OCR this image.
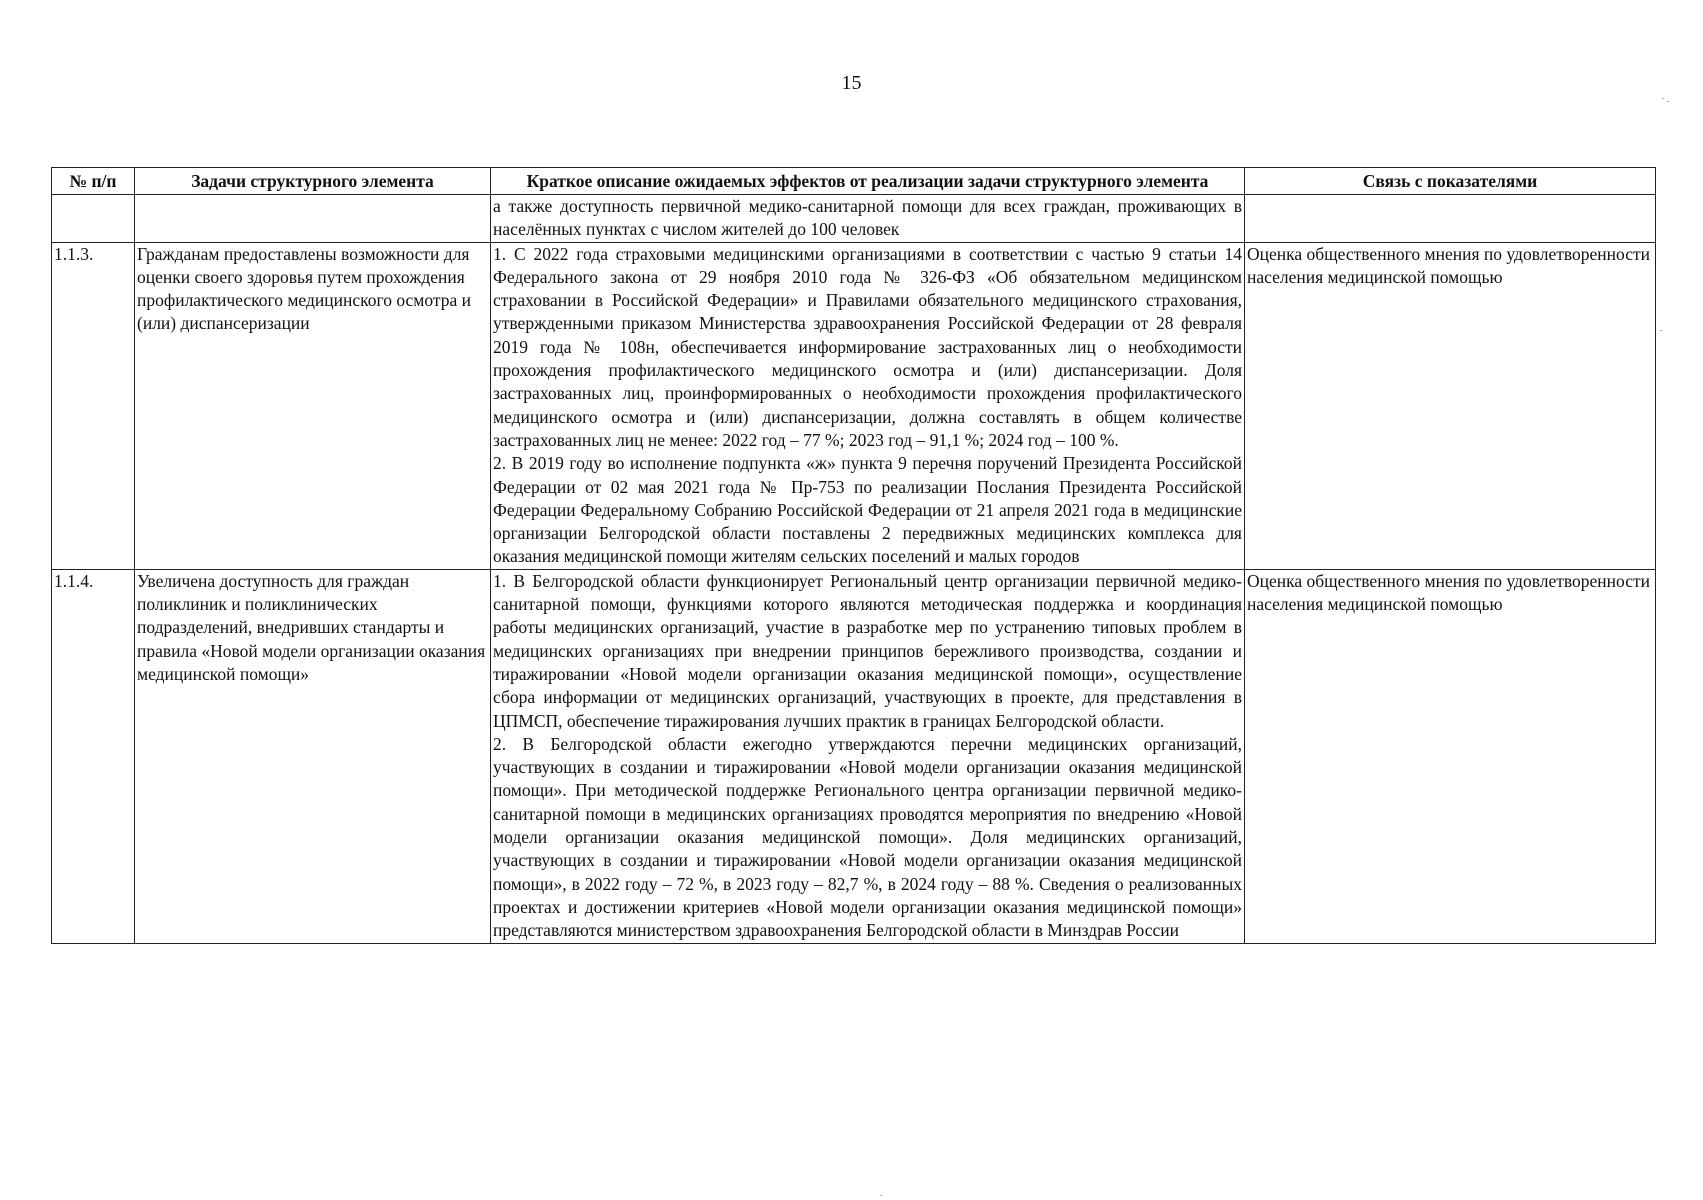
15
№ п/п	Задачи структурного элемента	Краткое описание ожидаемых эффектов от реализации задачи структурного элемента	Связь с показателями

		а также доступность первичной медико-санитарной помощи для всех граждан, проживающих в населённых пунктах с числом жителей до 100 человек	

1.1.3.	Гражданам предоставлены возможности для оценки своего здоровья путем прохождения профилактического медицинского осмотра и (или) диспансеризации	1. С 2022 года страховыми медицинскими организациями в соответствии с частью 9 статьи 14 Федерального закона от 29 ноября 2010 года № 326-ФЗ «Об обязательном медицинском страховании в Российской Федерации» и Правилами обязательного медицинского страхования, утвержденными приказом Министерства здравоохранения Российской Федерации от 28 февраля 2019 года № 108н, обеспечивается информирование застрахованных лиц о необходимости прохождения профилактического медицинского осмотра и (или) диспансеризации. Доля застрахованных лиц, проинформированных о необходимости прохождения профилактического медицинского осмотра и (или) диспансеризации, должна составлять в общем количестве застрахованных лиц не менее: 2022 год – 77 %; 2023 год – 91,1 %; 2024 год – 100 %.
2. В 2019 году во исполнение подпункта «ж» пункта 9 перечня поручений Президента Российской Федерации от 02 мая 2021 года № Пр-753 по реализации Послания Президента Российской Федерации Федеральному Собранию Российской Федерации от 21 апреля 2021 года в медицинские организации Белгородской области поставлены 2 передвижных медицинских комплекса для оказания медицинской помощи жителям сельских поселений и малых городов	Оценка общественного мнения по удовлетворенности населения медицинской помощью
1.1.4.	Увеличена доступность для граждан поликлиник и поликлинических подразделений, внедривших стандарты и правила «Новой модели организации оказания медицинской помощи»	1. В Белгородской области функционирует Региональный центр организации первичной медико-санитарной помощи, функциями которого являются методическая поддержка и координация работы медицинских организаций, участие в разработке мер по устранению типовых проблем в медицинских организациях при внедрении принципов бережливого производства, создании и тиражировании «Новой модели организации оказания медицинской помощи», осуществление сбора информации от медицинских организаций, участвующих в проекте, для представления в ЦПМСП, обеспечение тиражирования лучших практик в границах Белгородской области.
2. В Белгородской области ежегодно утверждаются перечни медицинских организаций, участвующих в создании и тиражировании «Новой модели организации оказания медицинской помощи». При методической поддержке Регионального центра организации первичной медико-санитарной помощи в медицинских организациях проводятся мероприятия по внедрению «Новой модели организации оказания медицинской помощи». Доля медицинских организаций, участвующих в создании и тиражировании «Новой модели организации оказания медицинской помощи», в 2022 году – 72 %, в 2023 году – 82,7 %, в 2024 году – 88 %. Сведения о реализованных проектах и достижении критериев «Новой модели организации оказания медицинской помощи» представляются министерством здравоохранения Белгородской области в Минздрав России	Оценка общественного мнения по удовлетворенности населения медицинской помощью
